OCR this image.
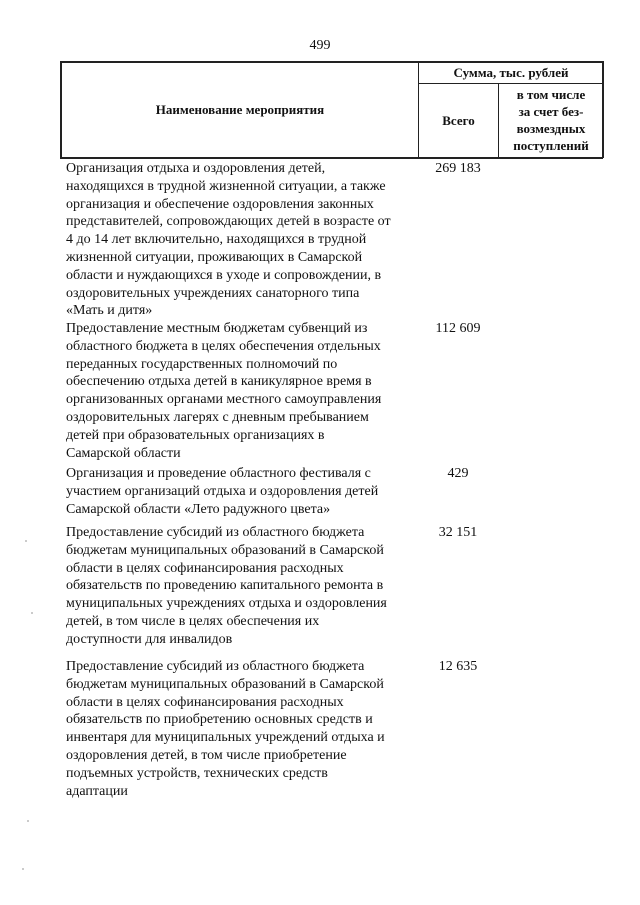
499
Наименование мероприятия
Сумма, тыс. рублей
Всего
в том числе
за счет без-
возмездных
поступлений
Организация отдыха и оздоровления детей,
находящихся в трудной жизненной ситуации, а также
организация и обеспечение оздоровления законных
представителей, сопровождающих детей в возрасте от
4 до 14 лет включительно, находящихся в трудной
жизненной ситуации, проживающих в Самарской
области и нуждающихся в уходе и сопровождении, в
оздоровительных учреждениях санаторного типа
«Мать и дитя»
269 183
Предоставление местным бюджетам субвенций из
областного бюджета в целях обеспечения отдельных
переданных государственных полномочий по
обеспечению отдыха детей в каникулярное время в
организованных органами местного самоуправления
оздоровительных лагерях с дневным пребыванием
детей при образовательных организациях в
Самарской области
112 609
Организация и проведение областного фестиваля с
участием организаций отдыха и оздоровления детей
Самарской области «Лето радужного цвета»
429
Предоставление субсидий из областного бюджета
бюджетам муниципальных образований в Самарской
области в целях софинансирования расходных
обязательств по проведению капитального ремонта в
муниципальных учреждениях отдыха и оздоровления
детей, в том числе в целях обеспечения их
доступности для инвалидов
32 151
Предоставление субсидий из областного бюджета
бюджетам муниципальных образований в Самарской
области в целях софинансирования расходных
обязательств по приобретению основных средств и
инвентаря для муниципальных учреждений отдыха и
оздоровления детей, в том числе приобретение
подъемных устройств, технических средств
адаптации
12 635
